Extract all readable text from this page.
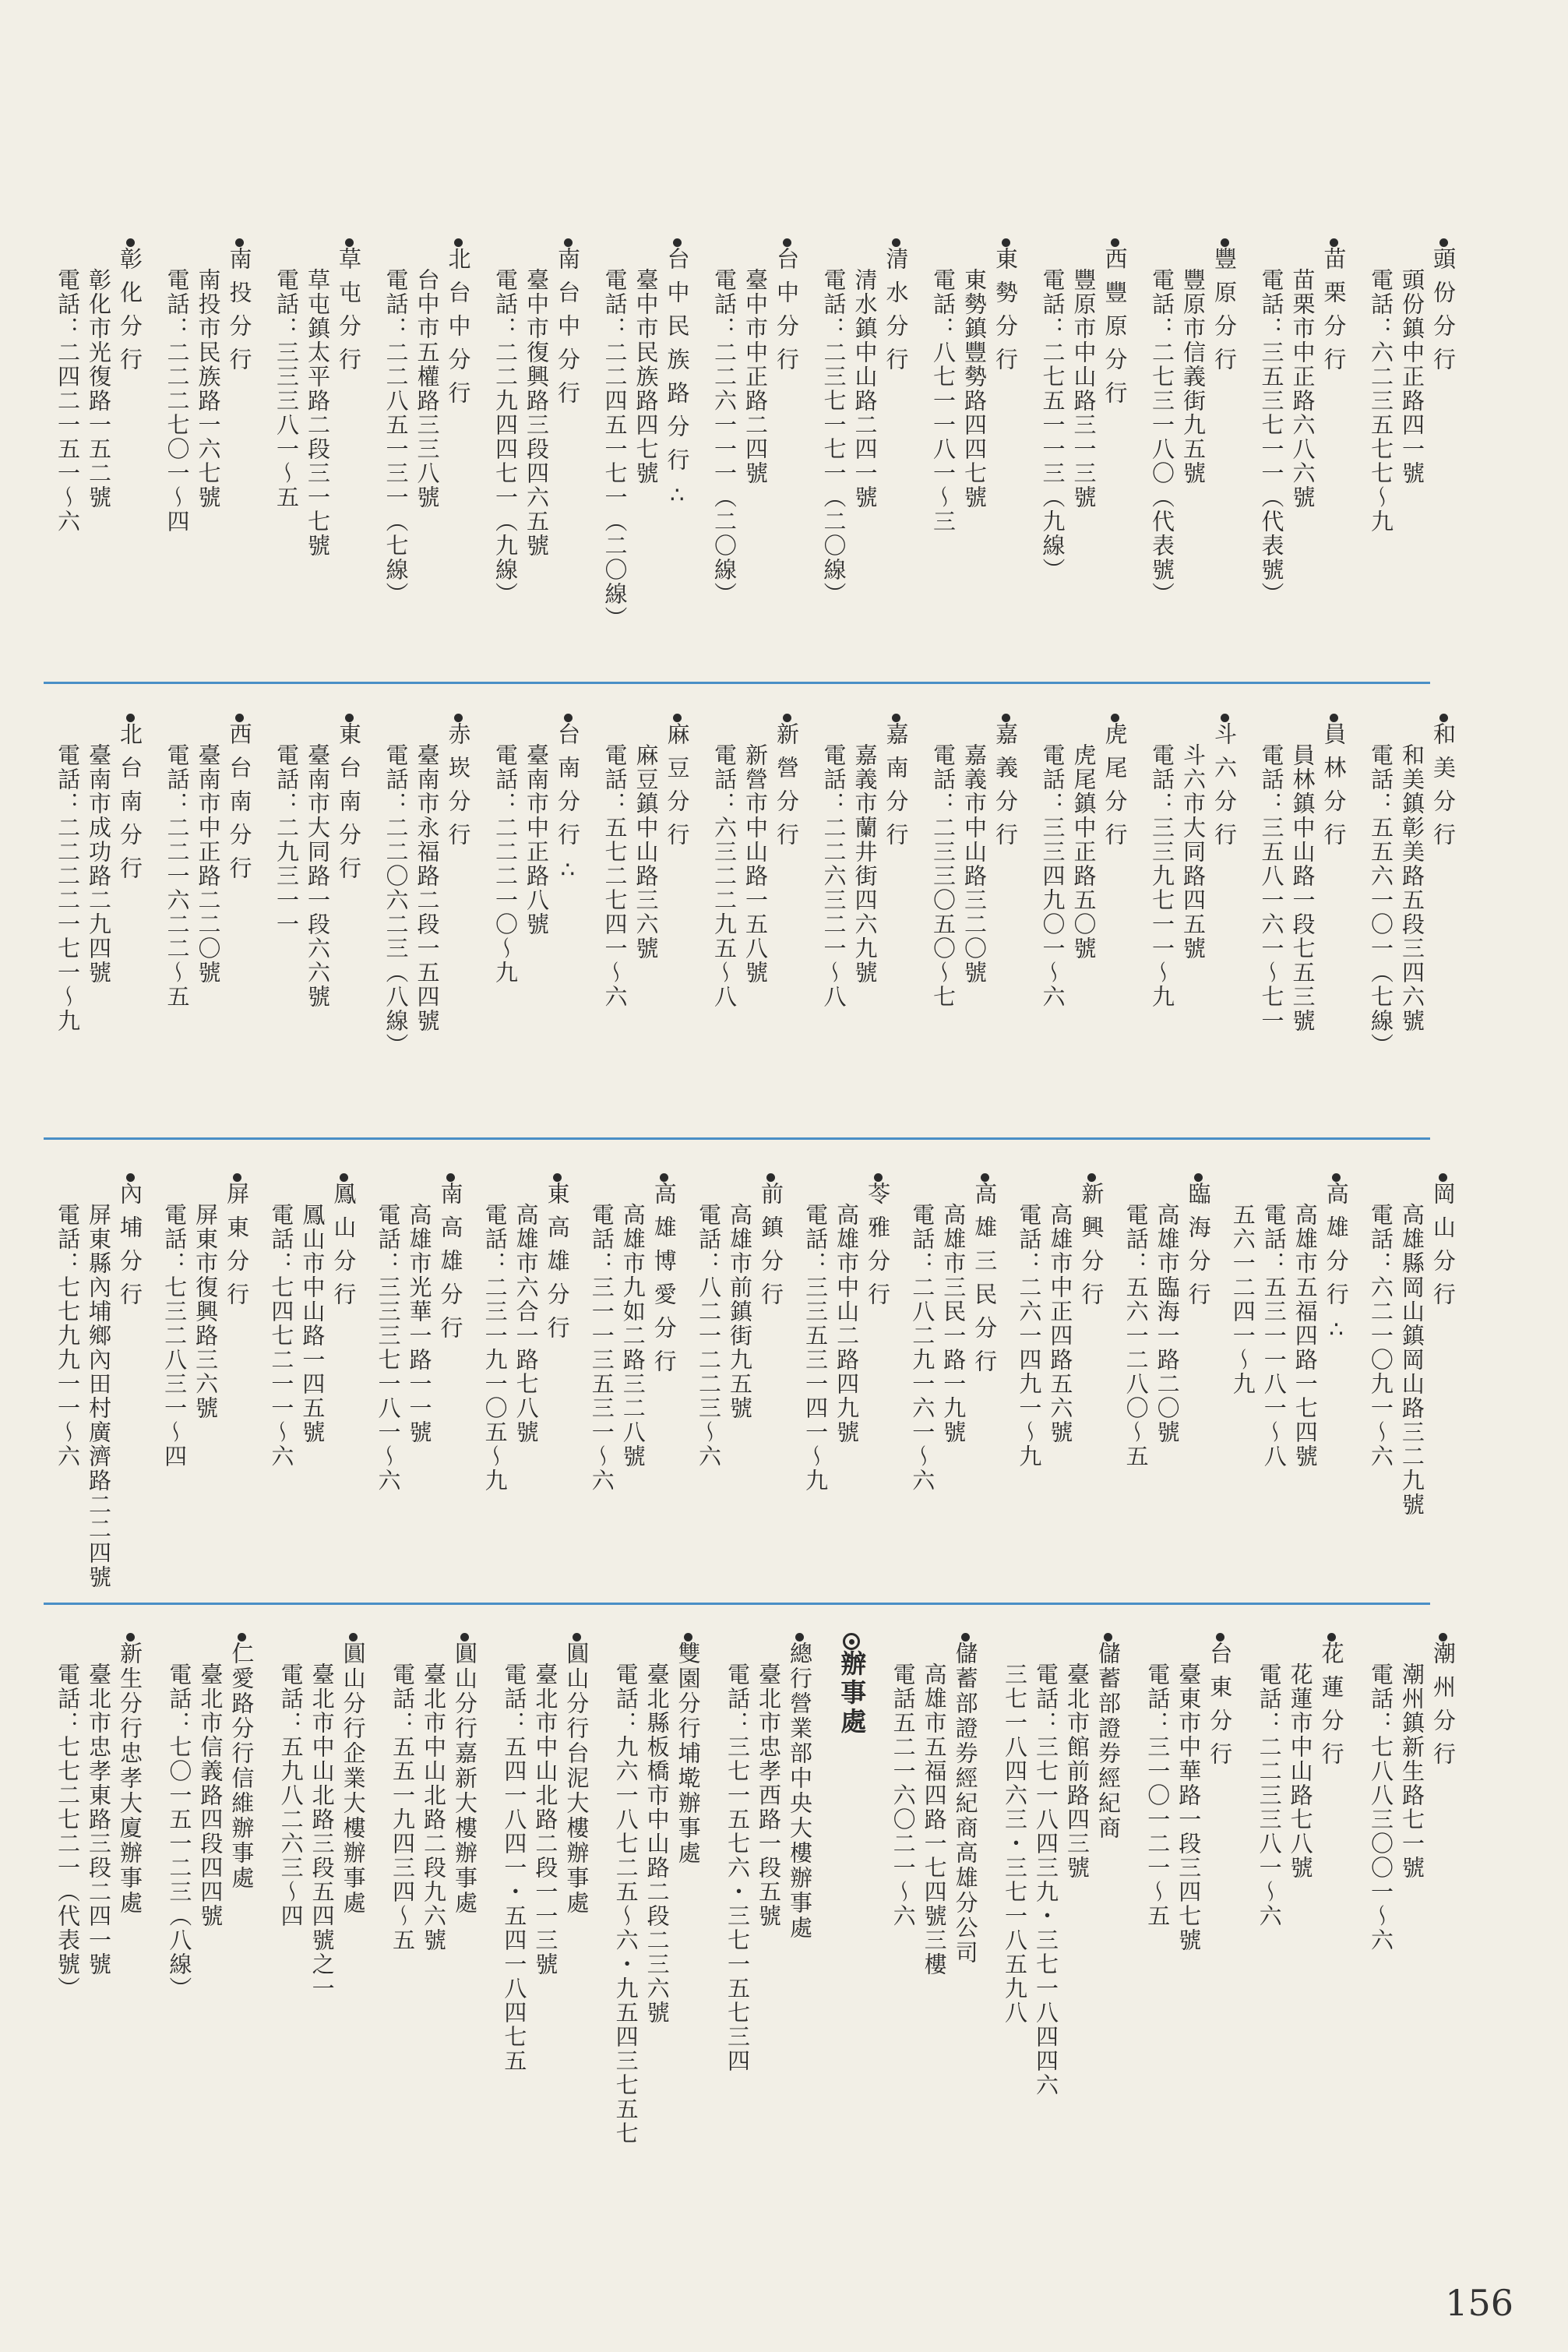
頭份分行
頭份鎮中正路四一號
電話：六二三五七七～九
苗栗分行
苗栗市中正路六八六號
電話：三五三七一一（代表號）
豐原分行
豐原市信義街九五號
電話：二七三一八〇（代表號）
西豐原分行
豐原市中山路三一三號
電話：二七五一一三（九線）
東勢分行
東勢鎮豐勢路四四七號
電話：八七一一八一～三
清水分行
清水鎮中山路二四一號
電話：二三七一七一（二〇線）
台中分行
臺中市中正路二四號
電話：二二六一一一（二〇線）
台中民族路分行∴
臺中市民族路四七號
電話：二二四五一七一（二〇線）
南台中分行
臺中市復興路三段四六五號
電話：二二九四四七一（九線）
北台中分行
台中市五權路三三八號
電話：二二八五一三一（七線）
草屯分行
草屯鎮太平路二段三一七號
電話：三三三八一～五
南投分行
南投市民族路一六七號
電話：二二二七〇一～四
彰化分行
彰化市光復路一五二號
電話：二四二一五一～六
和美分行
和美鎮彰美路五段三四六號
電話：五五六一〇一（七線）
員林分行
員林鎮中山路一段七五三號
電話：三五八一六一～七一
斗六分行
斗六市大同路四五號
電話：三三九七一一～九
虎尾分行
虎尾鎮中正路五〇號
電話：三三四九〇一～六
嘉義分行
嘉義市中山路三二〇號
電話：二三三〇五〇～七
嘉南分行
嘉義市蘭井街四六九號
電話：二二六三二一～八
新營分行
新營市中山路一五八號
電話：六三二二九五～八
麻豆分行
麻豆鎮中山路三六號
電話：五七二七四一～六
台南分行∴
臺南市中正路八號
電話：二二二一〇～九
赤崁分行
臺南市永福路二段一五四號
電話：二二〇六二三（八線）
東台南分行
臺南市大同路一段六六號
電話：二九三一一
西台南分行
臺南市中正路二二〇號
電話：二二一六二二～五
北台南分行
臺南市成功路二九四號
電話：二二二二一七一～九
岡山分行
高雄縣岡山鎮岡山路三二九號
電話：六二一〇九一～六
高雄分行∴
高雄市五福四路一七四號
電話：五三一一八一～八
五六一二四一～九
臨海分行
高雄市臨海一路二〇號
電話：五六一二八〇～五
新興分行
高雄市中正四路五六號
電話：二六一四九一～九
高雄三民分行
高雄市三民一路一九號
電話：二八二九一六一～六
苓雅分行
高雄市中山二路四九號
電話：三三五三一四一～九
前鎮分行
高雄市前鎮街九五號
電話：八二一二二三～六
高雄博愛分行
高雄市九如二路三二八號
電話：三一一三五三一～六
東高雄分行
高雄市六合一路七八號
電話：二三一九一〇五～九
南高雄分行
高雄市光華一路一一號
電話：三三三七一八一～六
鳳山分行
鳳山市中山路一四五號
電話：七四七二一一～六
屏東分行
屏東市復興路三六號
電話：七三二八三一～四
內埔分行
屏東縣內埔鄉內田村廣濟路二二四號
電話：七七九九一一～六
潮州分行
潮州鎮新生路七一號
電話：七八八三〇〇一～六
花蓮分行
花蓮市中山路七八號
電話：二二三三八一～六
台東分行
臺東市中華路一段三四七號
電話：三一〇一二一～五
儲蓄部證券經紀商
臺北市館前路四三號
電話：三七一八四三九・三七一八四四六
三七一八四六三・三七一八五九八
儲蓄部證券經紀商高雄分公司
高雄市五福四路一七四號三樓
電話五二一六〇二一～六
辦事處
總行營業部中央大樓辦事處
臺北市忠孝西路一段五號
電話：三七一五七六・三七一五七三四
雙園分行埔墘辦事處
臺北縣板橋市中山路二段二三六號
電話：九六一八七二五～六・九五四三七五七
圓山分行台泥大樓辦事處
臺北市中山北路二段一一三號
電話：五四一八四一・五四一八四七五
圓山分行嘉新大樓辦事處
臺北市中山北路二段九六號
電話：五五一九四三四～五
圓山分行企業大樓辦事處
臺北市中山北路三段五四號之一
電話：五九八二六三～四
仁愛路分行信維辦事處
臺北市信義路四段四四號
電話：七〇一五一二三（八線）
新生分行忠孝大廈辦事處
臺北市忠孝東路三段二四一號
電話：七七二七二一（代表號）
156
